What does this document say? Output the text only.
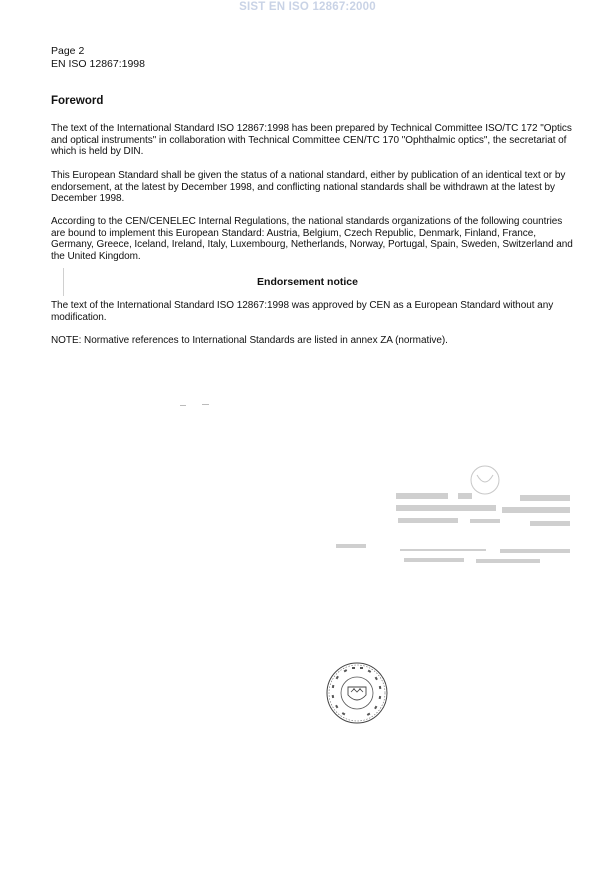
SIST EN ISO 12867:2000
Page 2
EN ISO 12867:1998
Foreword

The text of the International Standard ISO 12867:1998 has been prepared by Technical Committee ISO/TC 172 "Optics and optical instruments" in collaboration with Technical Committee CEN/TC 170 "Ophthalmic optics", the secretariat of which is held by DIN.

This European Standard shall be given the status of a national standard, either by publication of an identical text or by endorsement, at the latest by December 1998, and conflicting national standards shall be withdrawn at the latest by December 1998.

According to the CEN/CENELEC Internal Regulations, the national standards organizations of the following countries are bound to implement this European Standard: Austria, Belgium, Czech Republic, Denmark, Finland, France, Germany, Greece, Iceland, Ireland, Italy, Luxembourg, Netherlands, Norway, Portugal, Spain, Sweden, Switzerland and the United Kingdom.

Endorsement notice

The text of the International Standard ISO 12867:1998 was approved by CEN as a European Standard without any modification.

NOTE: Normative references to International Standards are listed in annex ZA (normative).
